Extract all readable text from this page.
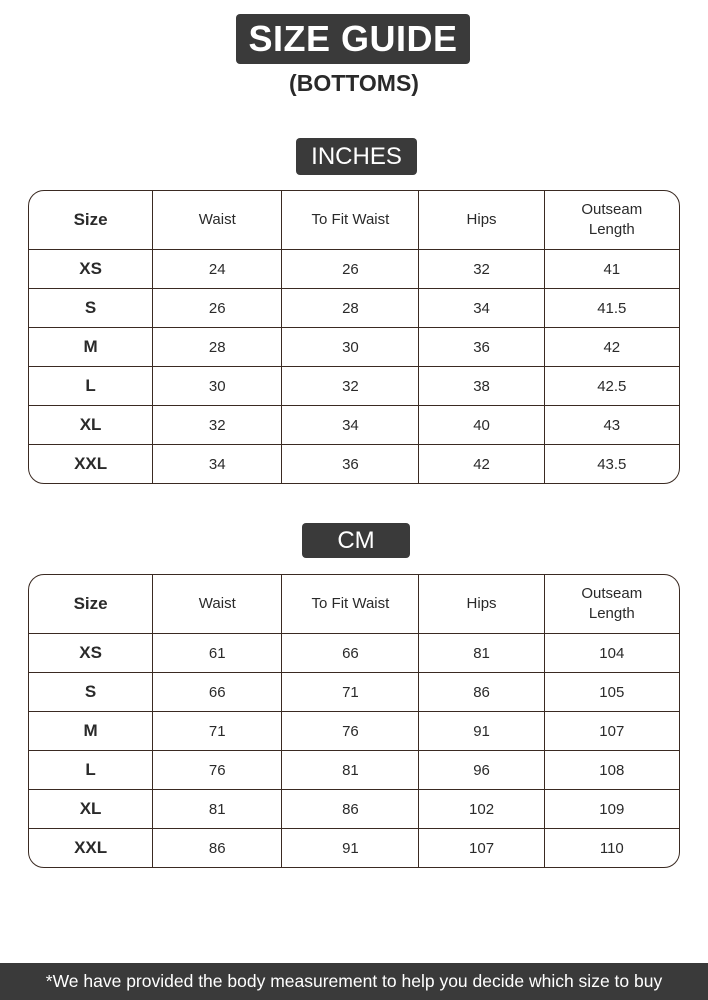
SIZE GUIDE
(BOTTOMS)
INCHES
Size	Waist	To Fit Waist	Hips	Outseam
Length
XS	24	26	32	41
S	26	28	34	41.5
M	28	30	36	42
L	30	32	38	42.5
XL	32	34	40	43
XXL	34	36	42	43.5
CM
Size	Waist	To Fit Waist	Hips	Outseam
Length
XS	61	66	81	104
S	66	71	86	105
M	71	76	91	107
L	76	81	96	108
XL	81	86	102	109
XXL	86	91	107	110
*We have provided the body measurement to help you decide which size to buy
